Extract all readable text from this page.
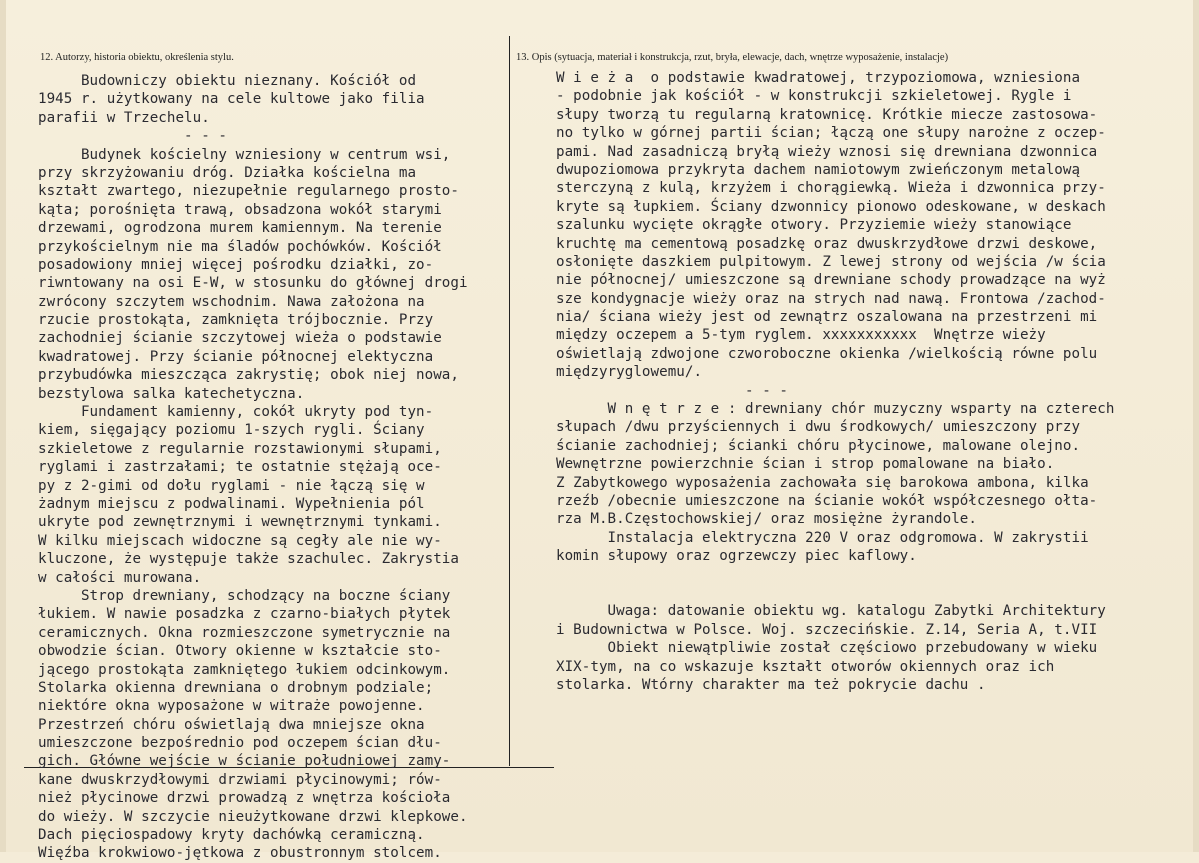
12. Autorzy, historia obiektu, określenia stylu.	13. Opis (sytuacja, materiał i konstrukcja, rzut, bryła, elewacje, dach, wnętrze wyposażenie, instalacje)
Budowniczy obiektu nieznany. Kościół od
1945 r. użytkowany na cele kultowe jako filia
parafii w Trzechelu.
- - -
Budynek kościelny wzniesiony w centrum wsi,
przy skrzyżowaniu dróg. Działka kościelna ma
kształt zwartego, niezupełnie regularnego prosto-
kąta; porośnięta trawą, obsadzona wokół starymi
drzewami, ogrodzona murem kamiennym. Na terenie
przykościelnym nie ma śladów pochówków. Kościół
posadowiony mniej więcej pośrodku działki, zo-
riwntowany na osi E-W, w stosunku do głównej drogi
zwrócony szczytem wschodnim. Nawa założona na
rzucie prostokąta, zamknięta trójbocznie. Przy
zachodniej ścianie szczytowej wieża o podstawie
kwadratowej. Przy ścianie północnej elektyczna
przybudówka mieszcząca zakrystię; obok niej nowa,
bezstylowa salka katechetyczna.
Fundament kamienny, cokół ukryty pod tyn-
kiem, sięgający poziomu 1-szych rygli. Ściany
szkieletowe z regularnie rozstawionymi słupami,
ryglami i zastrzałami; te ostatnie stężają oce-
py z 2-gimi od dołu ryglami - nie łączą się w
żadnym miejscu z podwalinami. Wypełnienia pól
ukryte pod zewnętrznymi i wewnętrznymi tynkami.
W kilku miejscach widoczne są cegły ale nie wy-
kluczone, że występuje także szachulec. Zakrystia
w całości murowana.
Strop drewniany, schodzący na boczne ściany
łukiem. W nawie posadzka z czarno-białych płytek
ceramicznych. Okna rozmieszczone symetrycznie na
obwodzie ścian. Otwory okienne w kształcie sto-
jącego prostokąta zamkniętego łukiem odcinkowym.
Stolarka okienna drewniana o drobnym podziale;
niektóre okna wyposażone w witraże powojenne.
Przestrzeń chóru oświetlają dwa mniejsze okna
umieszczone bezpośrednio pod oczepem ścian dłu-
gich. Główne wejście w ścianie południowej zamy-
kane dwuskrzydłowymi drzwiami płycinowymi; rów-
nież płycinowe drzwi prowadzą z wnętrza kościoła
do wieży. W szczycie nieużytkowane drzwi klepkowe.
Dach pięciospadowy kryty dachówką ceramiczną.
Więźba krokwiowo-jętkowa z obustronnym stolcem.
W i e ż a  o podstawie kwadratowej, trzypoziomowa, wzniesiona
- podobnie jak kościół - w konstrukcji szkieletowej. Rygle i
słupy tworzą tu regularną kratownicę. Krótkie miecze zastosowa-
no tylko w górnej partii ścian; łączą one słupy narożne z oczep-
pami. Nad zasadniczą bryłą wieży wznosi się drewniana dzwonnica
dwupoziomowa przykryta dachem namiotowym zwieńczonym metalową
sterczyną z kulą, krzyżem i chorągiewką. Wieża i dzwonnica przy-
kryte są łupkiem. Ściany dzwonnicy pionowo odeskowane, w deskach
szalunku wycięte okrągłe otwory. Przyziemie wieży stanowiące
kruchtę ma cementową posadzkę oraz dwuskrzydłowe drzwi deskowe,
osłonięte daszkiem pulpitowym. Z lewej strony od wejścia /w ścia
nie północnej/ umieszczone są drewniane schody prowadzące na wyż
sze kondygnacje wieży oraz na strych nad nawą. Frontowa /zachod-
nia/ ściana wieży jest od zewnątrz oszalowana na przestrzeni mi
między oczepem a 5-tym ryglem. xxxxxxxxxxx  Wnętrze wieży
oświetlają zdwojone czworoboczne okienka /wielkością równe polu
międzyryglowemu/.
- - -
W n ę t r z e : drewniany chór muzyczny wsparty na czterech
słupach /dwu przyściennych i dwu środkowych/ umieszczony przy
ścianie zachodniej; ścianki chóru płycinowe, malowane olejno.
Wewnętrzne powierzchnie ścian i strop pomalowane na biało.
Z Zabytkowego wyposażenia zachowała się barokowa ambona, kilka
rzeźb /obecnie umieszczone na ścianie wokół współczesnego ołta-
rza M.B.Częstochowskiej/ oraz mosiężne żyrandole.
Instalacja elektryczna 220 V oraz odgromowa. W zakrystii
komin słupowy oraz ogrzewczy piec kaflowy.
Uwaga: datowanie obiektu wg. katalogu Zabytki Architektury
i Budownictwa w Polsce. Woj. szczecińskie. Z.14, Seria A, t.VII
Obiekt niewątpliwie został częściowo przebudowany w wieku
XIX-tym, na co wskazuje kształt otworów okiennych oraz ich
stolarka. Wtórny charakter ma też pokrycie dachu .
